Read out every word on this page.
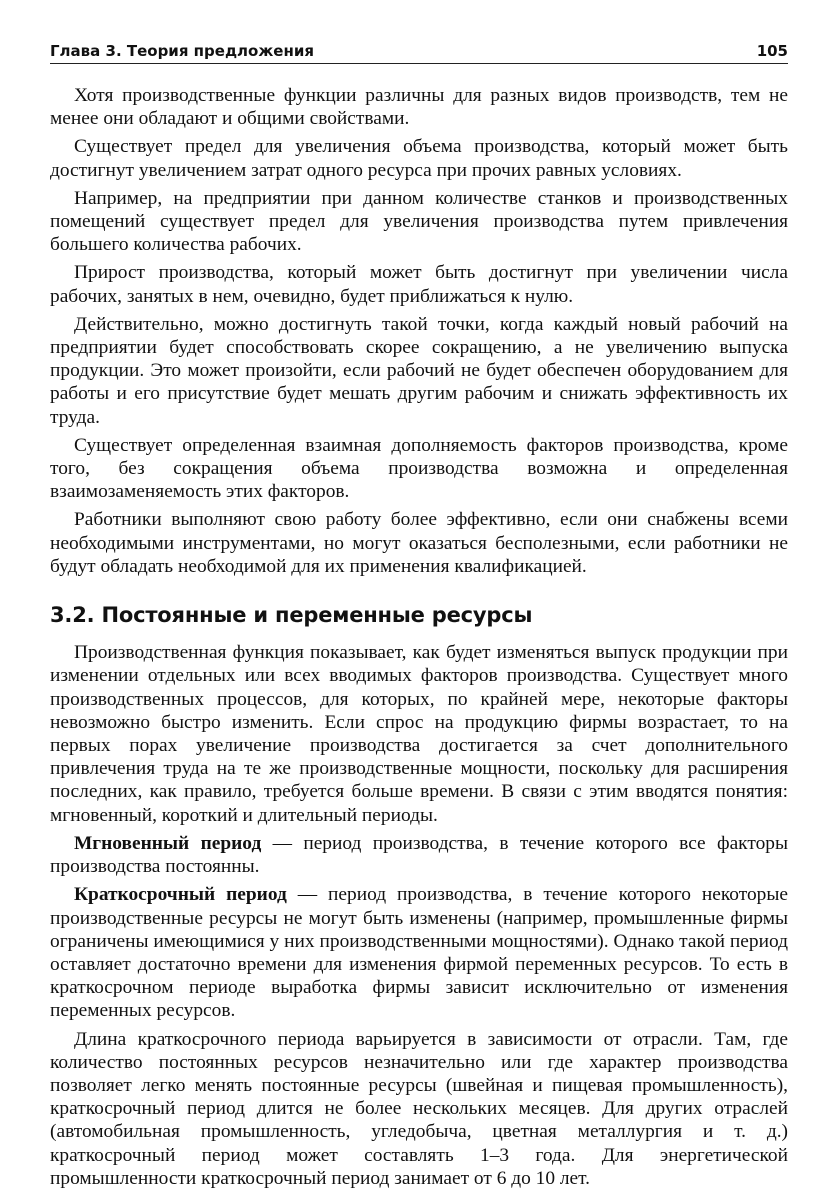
Глава 3. Теория предложения	105

Хотя производственные функции различны для разных видов производств, тем не менее они обладают и общими свойствами.

Существует предел для увеличения объема производства, который может быть достигнут увеличением затрат одного ресурса при прочих равных условиях.

Например, на предприятии при данном количестве станков и производственных помещений существует предел для увеличения производства путем привлечения большего количества рабочих.

Прирост производства, который может быть достигнут при увеличении числа рабочих, занятых в нем, очевидно, будет приближаться к нулю.

Действительно, можно достигнуть такой точки, когда каждый новый рабочий на предприятии будет способствовать скорее сокращению, а не увеличению выпуска продукции. Это может произойти, если рабочий не будет обеспечен оборудованием для работы и его присутствие будет мешать другим рабочим и снижать эффективность их труда.

Существует определенная взаимная дополняемость факторов производства, кроме того, без сокращения объема производства возможна и определенная взаимозаменяемость этих факторов.

Работники выполняют свою работу более эффективно, если они снабжены всеми необходимыми инструментами, но могут оказаться бесполезными, если работники не будут обладать необходимой для их применения квалификацией.

3.2. Постоянные и переменные ресурсы

Производственная функция показывает, как будет изменяться выпуск продукции при изменении отдельных или всех вводимых факторов производства. Существует много производственных процессов, для которых, по крайней мере, некоторые факторы невозможно быстро изменить. Если спрос на продукцию фирмы возрастает, то на первых порах увеличение производства достигается за счет дополнительного привлечения труда на те же производственные мощности, поскольку для расширения последних, как правило, требуется больше времени. В связи с этим вводятся понятия: мгновенный, короткий и длительный периоды.

Мгновенный период — период производства, в течение которого все факторы производства постоянны.

Краткосрочный период — период производства, в течение которого некоторые производственные ресурсы не могут быть изменены (например, промышленные фирмы ограничены имеющимися у них производственными мощностями). Однако такой период оставляет достаточно времени для изменения фирмой переменных ресурсов. То есть в краткосрочном периоде выработка фирмы зависит исключительно от изменения переменных ресурсов.

Длина краткосрочного периода варьируется в зависимости от отрасли. Там, где количество постоянных ресурсов незначительно или где характер производства позволяет легко менять постоянные ресурсы (швейная и пищевая промышленность), краткосрочный период длится не более нескольких месяцев. Для других отраслей (автомобильная промышленность, угледобыча, цветная металлургия и т. д.) краткосрочный период может составлять 1–3 года. Для энергетической промышленности краткосрочный период занимает от 6 до 10 лет.
